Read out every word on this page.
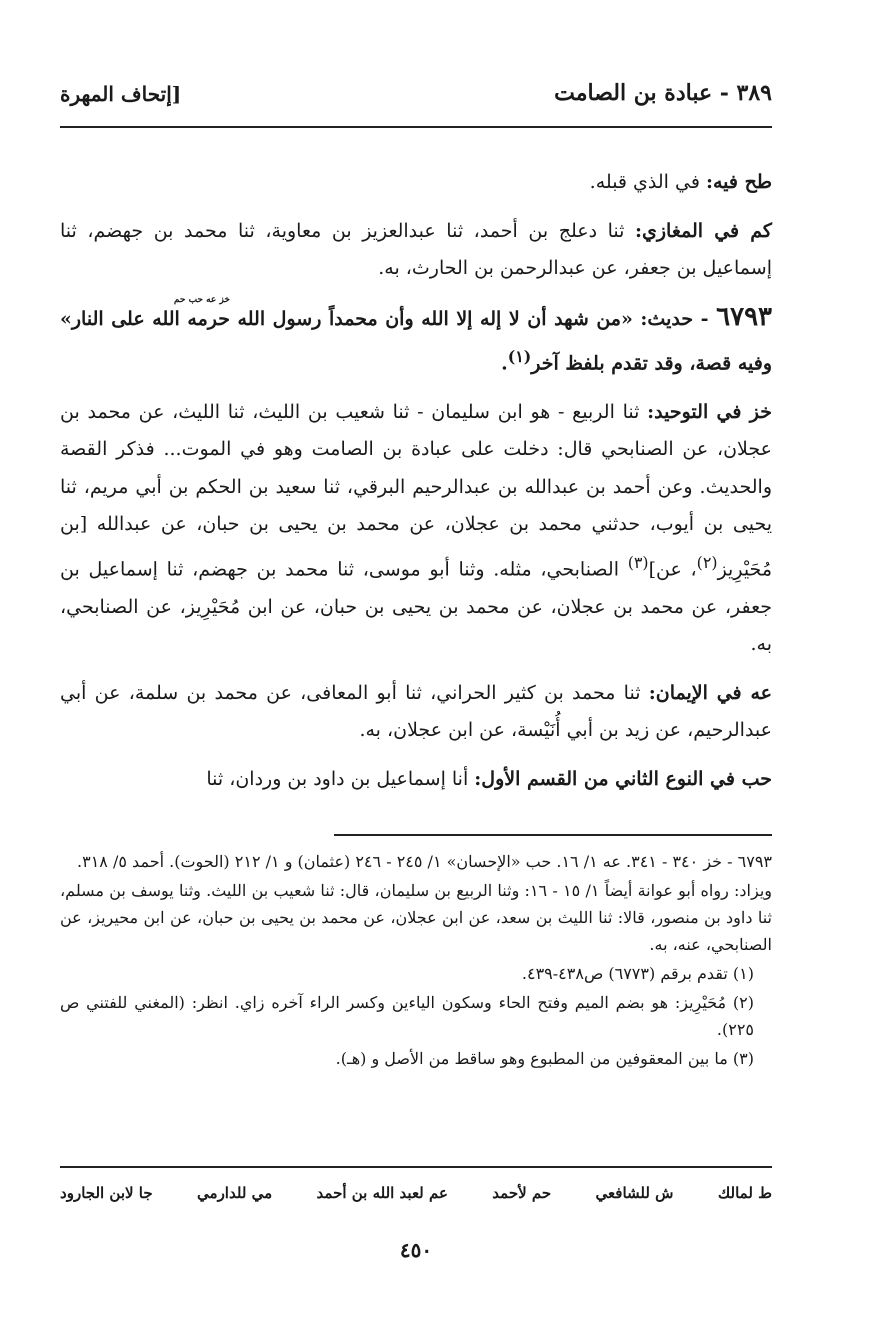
٣٨٩ - عبادة بن الصامت
[إتحاف المهرة

طح فيه: في الذي قبله.

كم في المغازي: ثنا دعلج بن أحمد، ثنا عبدالعزيز بن معاوية، ثنا محمد بن جهضم، ثنا إسماعيل بن جعفر، عن عبدالرحمن بن الحارث، به.

٦٧٩٣ - حديث: «من شهد أن لا إله إلا الله وأن محمداً رسول الله
خز عه حب حم
حرمه الله على النار» وفيه قصة، وقد تقدم بلفظ آخر$^{(١)}$.

خز في التوحيد: ثنا الربيع - هو ابن سليمان - ثنا شعيب بن الليث، ثنا الليث، عن محمد بن عجلان، عن الصنابحي قال: دخلت على عبادة بن الصامت وهو في الموت... فذكر القصة والحديث. وعن أحمد بن عبدالله بن عبدالرحيم البرقي، ثنا سعيد بن الحكم بن أبي مريم، ثنا يحيى بن أيوب، حدثني محمد بن عجلان، عن محمد بن يحيى بن حبان، عن عبدالله [بن مُحَيْرِيز$^{(٢)}$، عن]$^{(٣)}$ الصنابحي، مثله. وثنا أبو موسى، ثنا محمد بن جهضم، ثنا إسماعيل بن جعفر، عن محمد بن عجلان، عن محمد بن يحيى بن حبان، عن ابن مُحَيْرِيز، عن الصنابحي، به.

عه في الإيمان: ثنا محمد بن كثير الحراني، ثنا أبو المعافى، عن محمد بن سلمة، عن أبي عبدالرحيم، عن زيد بن أبي أُنَيْسة، عن ابن عجلان، به.

حب في النوع الثاني من القسم الأول: أنا إسماعيل بن داود بن وردان، ثنا

٦٧٩٣ - خز ٣٤٠ - ٣٤١. عه ١/ ١٦. حب «الإحسان» ١/ ٢٤٥ - ٢٤٦ (عثمان) و ١/ ٢١٢ (الحوت). أحمد ٥/ ٣١٨.

ويزاد: رواه أبو عوانة أيضاً ١/ ١٥ - ١٦: وثنا الربيع بن سليمان، قال: ثنا شعيب بن الليث. وثنا يوسف بن مسلم، ثنا داود بن منصور، قالا: ثنا الليث بن سعد، عن ابن عجلان، عن محمد بن يحيى بن حبان، عن ابن محيريز، عن الصنابحي، عنه، به.

(١) تقدم برقم (٦٧٧٣) ص٤٣٨-٤٣٩.

(٢) مُحَيْرِيز: هو بضم الميم وفتح الحاء وسكون الياءين وكسر الراء آخره زاي. انظر: (المغني للفتني ص ٢٢٥).

(٣) ما بين المعقوفين من المطبوع وهو ساقط من الأصل و (هـ).

ط لمالك
ش للشافعي
حم لأحمد
عم لعبد الله بن أحمد
مي للدارمي
جا لابن الجارود
٤٥٠
